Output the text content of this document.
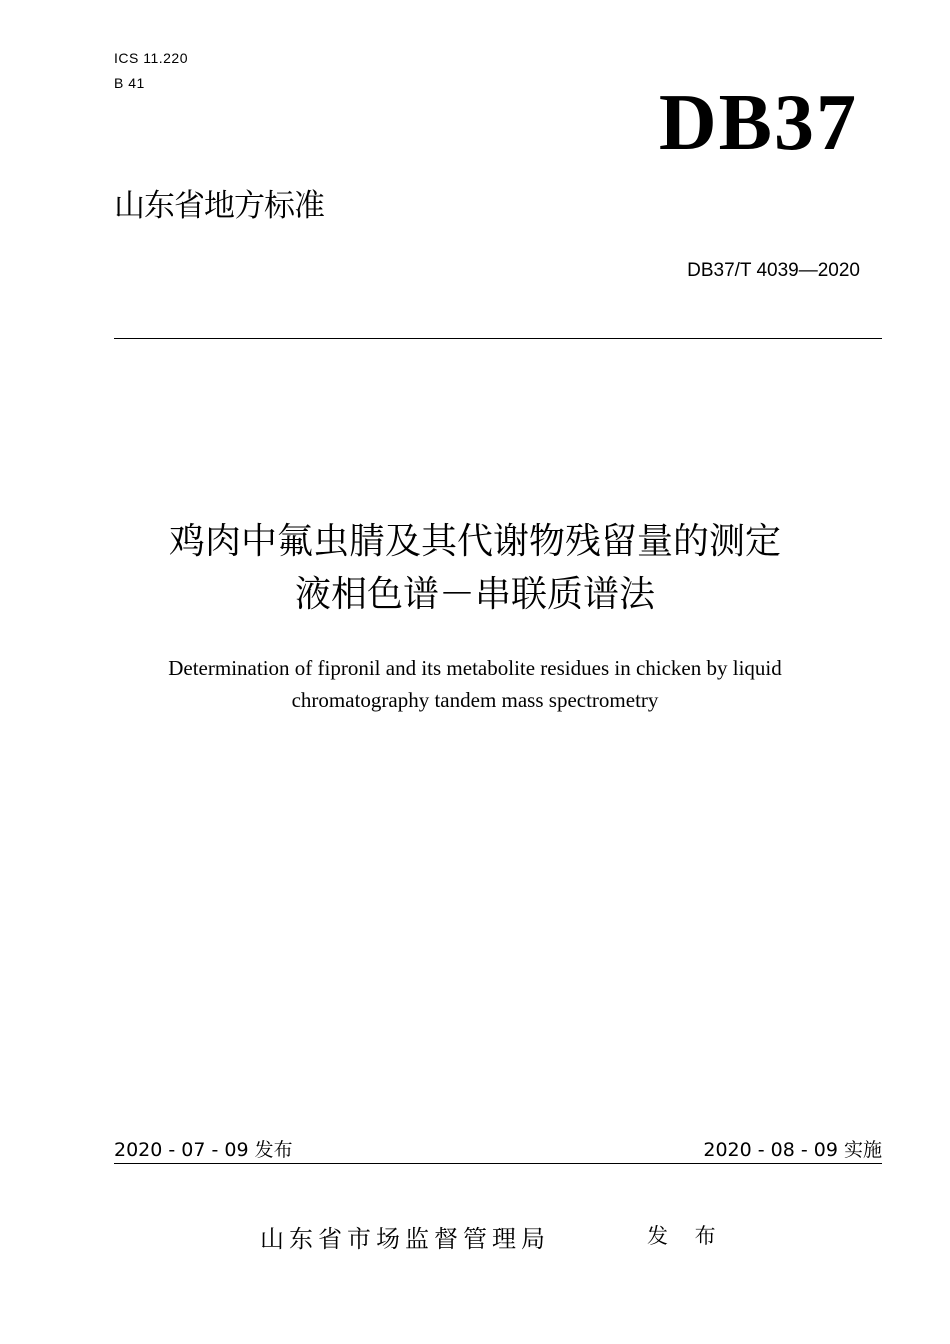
ICS 11.220
B 41	DB37
山东省地方标准
DB37/T 4039—2020
鸡肉中氟虫腈及其代谢物残留量的测定
液相色谱－串联质谱法
Determination of fipronil and its metabolite residues in chicken by liquid
chromatography tandem mass spectrometry
2020 - 07 - 09 发布	2020 - 08 - 09 实施
山东省市场监督管理局	发 布
